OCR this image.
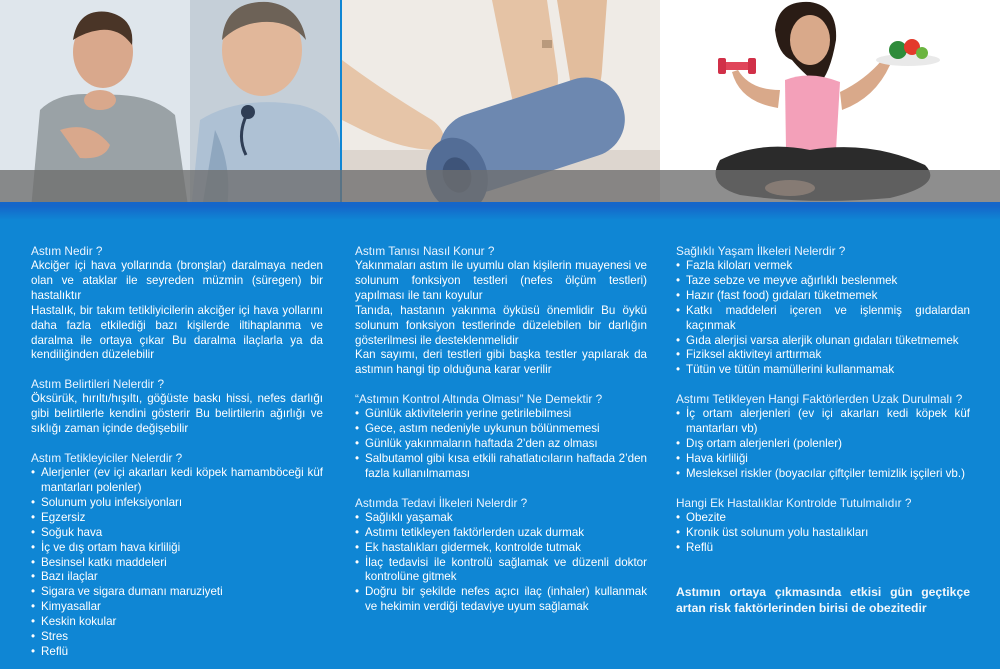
Astım Nedir ?

Akciğer içi hava yollarında (bronşlar) daralmaya neden olan ve ataklar ile seyreden müzmin (süregen) bir hastalıktır

Hastalık, bir takım tetikliyicilerin akciğer içi hava yollarını daha fazla etkilediği bazı kişilerde iltihaplanma ve daralma ile ortaya çıkar Bu daralma ilaçlarla ya da kendiliğinden düzelebilir

Astım Belirtileri Nelerdir ?

Öksürük, hırıltı/hışıltı, göğüste baskı hissi, nefes darlığı gibi belirtilerle kendini gösterir Bu belirtilerin ağırlığı ve sıklığı zaman içinde değişebilir

Astım Tetikleyiciler Nelerdir ?
• Alerjenler (ev içi akarları kedi köpek hamamböceği küf mantarları polenler)
• Solunum yolu infeksiyonları
• Egzersiz
• Soğuk hava
• İç ve dış ortam hava kirliliği
• Besinsel katkı maddeleri
• Bazı ilaçlar
• Sigara ve sigara dumanı maruziyeti
• Kimyasallar
• Keskin kokular
• Stres
• Reflü
Astım Tanısı Nasıl Konur ?

Yakınmaları astım ile uyumlu olan kişilerin muayenesi ve solunum fonksiyon testleri (nefes ölçüm testleri) yapılması ile tanı koyulur

Tanıda, hastanın yakınma öyküsü önemlidir Bu öykü solunum fonksiyon testlerinde düzelebilen bir darlığın gösterilmesi ile desteklenmelidir

Kan sayımı, deri testleri gibi başka testler yapılarak da astımın hangi tip olduğuna karar verilir

“Astımın Kontrol Altında Olması” Ne Demektir ?
• Günlük aktivitelerin yerine getirilebilmesi
• Gece, astım nedeniyle uykunun bölünmemesi
• Günlük yakınmaların haftada 2’den az olması
• Salbutamol gibi kısa etkili rahatlatıcıların haftada 2’den fazla kullanılmaması
Astımda Tedavi İlkeleri Nelerdir ?
• Sağlıklı yaşamak
• Astımı tetikleyen faktörlerden uzak durmak
• Ek hastalıkları gidermek, kontrolde tutmak
• İlaç tedavisi ile kontrolü sağlamak ve düzenli doktor kontrolüne gitmek
• Doğru bir şekilde nefes açıcı ilaç (inhaler) kullanmak ve hekimin verdiği tedaviye uyum sağlamak
Sağlıklı Yaşam İlkeleri Nelerdir ?
• Fazla kiloları vermek
• Taze sebze ve meyve ağırlıklı beslenmek
• Hazır (fast food) gıdaları tüketmemek
• Katkı maddeleri içeren ve işlenmiş gıdalardan kaçınmak
• Gıda alerjisi varsa alerjik olunan gıdaları tüketmemek
• Fiziksel aktiviteyi arttırmak
• Tütün ve tütün mamüllerini kullanmamak
Astımı Tetikleyen Hangi Faktörlerden Uzak Durulmalı ?
• İç ortam alerjenleri (ev içi akarları kedi köpek küf mantarları vb)
• Dış ortam alerjenleri (polenler)
• Hava kirliliği
• Mesleksel riskler (boyacılar çiftçiler temizlik işçileri vb.)
Hangi Ek Hastalıklar Kontrolde Tutulmalıdır ?
• Obezite
• Kronik üst solunum yolu hastalıkları
• Reflü

Astımın ortaya çıkmasında etkisi gün geçtikçe artan risk faktörlerinden birisi de obezitedir
